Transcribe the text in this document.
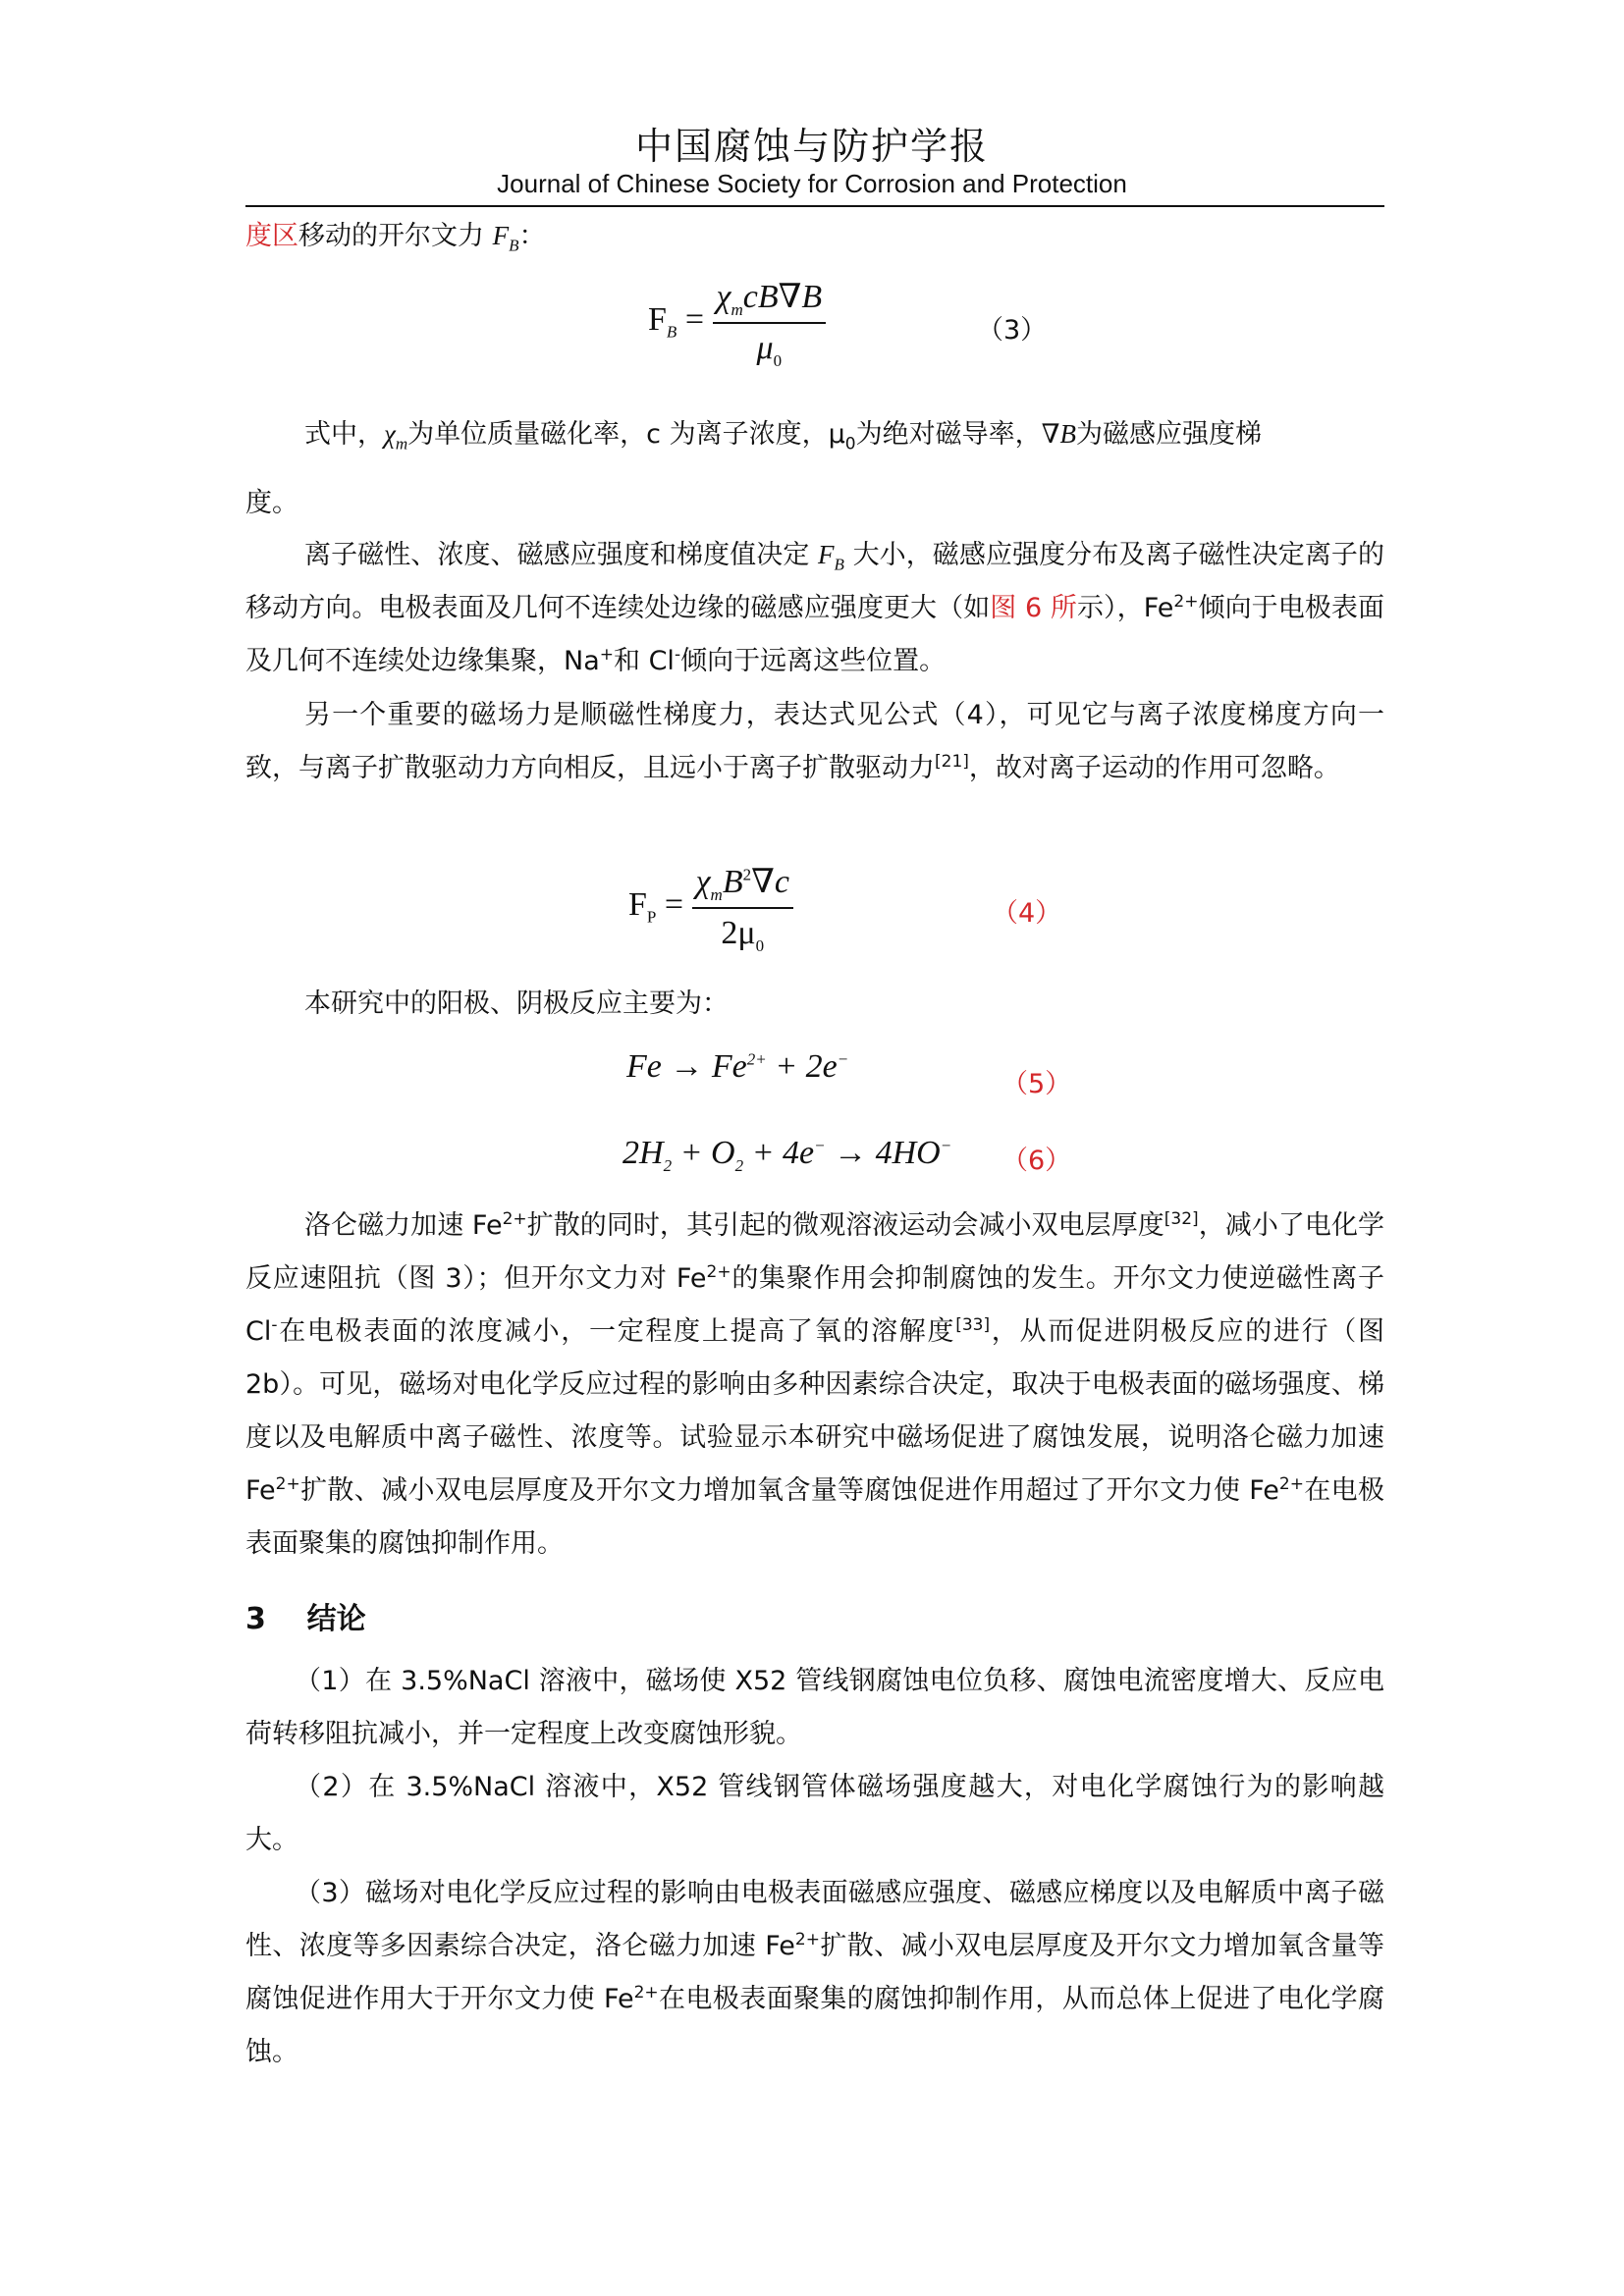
中国腐蚀与防护学报
Journal of Chinese Society for Corrosion and Protection
度区移动的开尔文力 $F_B$：
$F_B = \frac{\chi_mcB\nabla B}{\mu_0}$	（3）
式中，$\chi_m$为单位质量磁化率，c 为离子浓度，$\mu_0$为绝对磁导率，∇B为磁感应强度梯
度。
离子磁性、浓度、磁感应强度和梯度值决定 $F_B$ 大小，磁感应强度分布及离子磁性决定离子的移动方向。电极表面及几何不连续处边缘的磁感应强度更大（如图 6 所示），$Fe^{2+}$倾向于电极表面及几何不连续处边缘集聚，Na+和 Cl-倾向于远离这些位置。
另一个重要的磁场力是顺磁性梯度力，表达式见公式（4），可见它与离子浓度梯度方向一致，与离子扩散驱动力方向相反，且远小于离子扩散驱动力[21]，故对离子运动的作用可忽略。
$F_P = \frac{\chi_mB^2\nabla c}{2\mu_0}$	（4）
本研究中的阳极、阴极反应主要为：
$Fe \to Fe^{2+} + 2e^-$
（5）
$2H_2 + O_2 + 4e^- \to 4HO^-$ （6）
洛仑磁力加速 $Fe^{2+}$扩散的同时，其引起的微观溶液运动会减小双电层厚度[32]，减小了电化学反应速阻抗（图 3）；但开尔文力对 $Fe^{2+}$的集聚作用会抑制腐蚀的发生。开尔文力使逆磁性离子 Cl-在电极表面的浓度减小，一定程度上提高了氧的溶解度[33]，从而促进阴极反应的进行（图 2b）。可见，磁场对电化学反应过程的影响由多种因素综合决定，取决于电极表面的磁场强度、梯度以及电解质中离子磁性、浓度等。试验显示本研究中磁场促进了腐蚀发展，说明洛仑磁力加速 $Fe^{2+}$扩散、减小双电层厚度及开尔文力增加氧含量等腐蚀促进作用超过了开尔文力使 $Fe^{2+}$在电极表面聚集的腐蚀抑制作用。
3 结论
（1）在 3.5%NaCl 溶液中，磁场使 X52 管线钢腐蚀电位负移、腐蚀电流密度增大、反应电荷转移阻抗减小，并一定程度上改变腐蚀形貌。
（2）在 3.5%NaCl 溶液中，X52 管线钢管体磁场强度越大，对电化学腐蚀行为的影响越大。
（3）磁场对电化学反应过程的影响由电极表面磁感应强度、磁感应梯度以及电解质中离子磁性、浓度等多因素综合决定，洛仑磁力加速 $Fe^{2+}$扩散、减小双电层厚度及开尔文力增加氧含量等腐蚀促进作用大于开尔文力使 $Fe^{2+}$在电极表面聚集的腐蚀抑制作用，从而总体上促进了电化学腐蚀。
